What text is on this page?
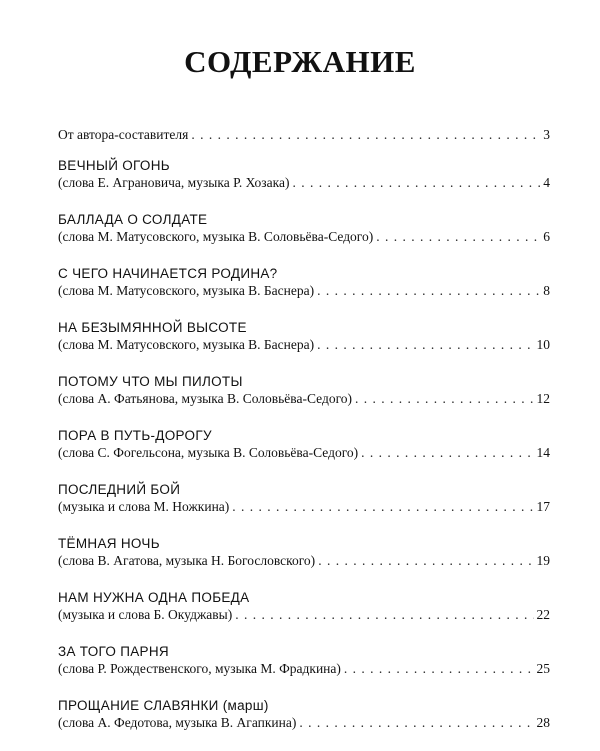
СОДЕРЖАНИЕ
От автора-составителя . . .	3
ВЕЧНЫЙ ОГОНЬ
(слова Е. Аграновича, музыка Р. Хозака) . . .	4
БАЛЛАДА О СОЛДАТЕ
(слова М. Матусовского, музыка В. Соловьёва-Седого) . . .	6
С ЧЕГО НАЧИНАЕТСЯ РОДИНА?
(слова М. Матусовского, музыка В. Баснера) . . .	8
НА БЕЗЫМЯННОЙ ВЫСОТЕ
(слова М. Матусовского, музыка В. Баснера) . . .	10
ПОТОМУ ЧТО МЫ ПИЛОТЫ
(слова А. Фатьянова, музыка В. Соловьёва-Седого) . . .	12
ПОРА В ПУТЬ-ДОРОГУ
(слова С. Фогельсона, музыка В. Соловьёва-Седого) . . .	14
ПОСЛЕДНИЙ БОЙ
(музыка и слова М. Ножкина) . . .	17
ТЁМНАЯ НОЧЬ
(слова В. Агатова, музыка Н. Богословского) . . .	19
НАМ НУЖНА ОДНА ПОБЕДА
(музыка и слова Б. Окуджавы) . . .	22
ЗА ТОГО ПАРНЯ
(слова Р. Рождественского, музыка М. Фрадкина) . . .	25
ПРОЩАНИЕ СЛАВЯНКИ (марш)
(слова А. Федотова, музыка В. Агапкина) . . .	28
